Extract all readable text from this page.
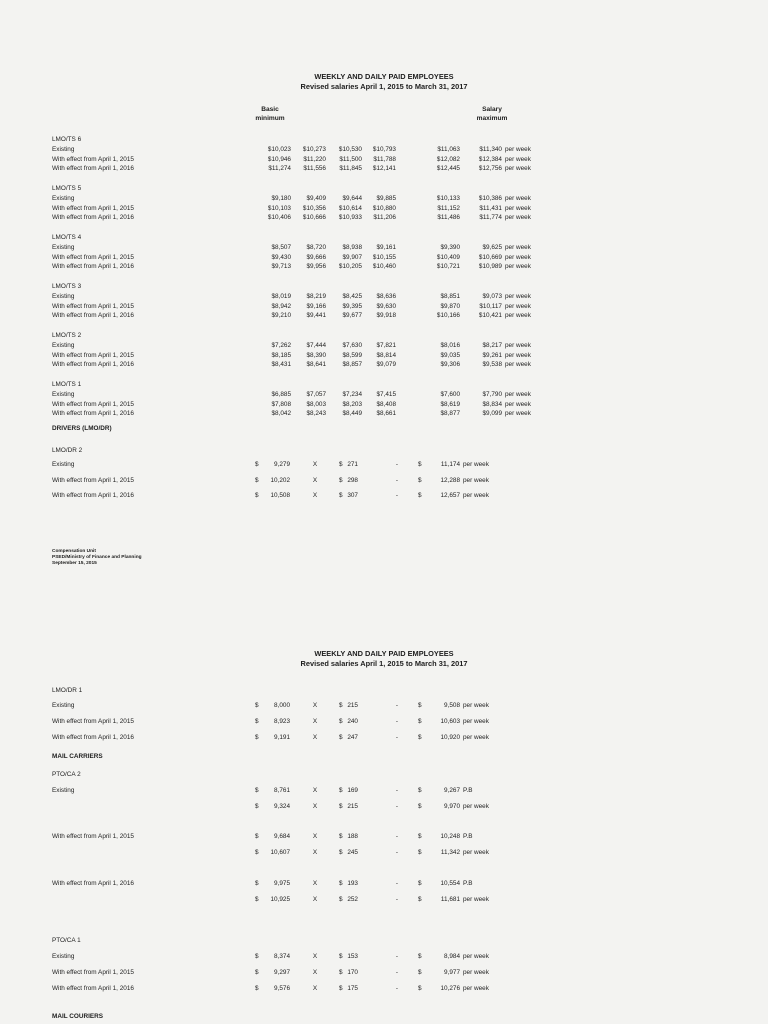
WEEKLY AND DAILY PAID EMPLOYEES
Revised salaries April 1, 2015 to March 31, 2017
Basic
minimum
Salary
maximum
LMO/TS 6
Existing	$10,023	$10,273	$10,530	$10,793	$11,063	$11,340 per week
With effect from April 1, 2015	$10,946	$11,220	$11,500	$11,788	$12,082	$12,384 per week
With effect from April 1, 2016	$11,274	$11,556	$11,845	$12,141	$12,445	$12,756 per week
LMO/TS 5
Existing	$9,180	$9,409	$9,644	$9,885	$10,133	$10,386 per week
With effect from April 1, 2015	$10,103	$10,356	$10,614	$10,880	$11,152	$11,431 per week
With effect from April 1, 2016	$10,406	$10,666	$10,933	$11,206	$11,486	$11,774 per week
LMO/TS 4
Existing	$8,507	$8,720	$8,938	$9,161	$9,390	$9,625 per week
With effect from April 1, 2015	$9,430	$9,666	$9,907	$10,155	$10,409	$10,669 per week
With effect from April 1, 2016	$9,713	$9,956	$10,205	$10,460	$10,721	$10,989 per week
LMO/TS 3
Existing	$8,019	$8,219	$8,425	$8,636	$8,851	$9,073 per week
With effect from April 1, 2015	$8,942	$9,166	$9,395	$9,630	$9,870	$10,117 per week
With effect from April 1, 2016	$9,210	$9,441	$9,677	$9,918	$10,166	$10,421 per week
LMO/TS 2
Existing	$7,262	$7,444	$7,630	$7,821	$8,016	$8,217 per week
With effect from April 1, 2015	$8,185	$8,390	$8,599	$8,814	$9,035	$9,261 per week
With effect from April 1, 2016	$8,431	$8,641	$8,857	$9,079	$9,306	$9,538 per week
LMO/TS 1
Existing	$6,885	$7,057	$7,234	$7,415	$7,600	$7,790 per week
With effect from April 1, 2015	$7,808	$8,003	$8,203	$8,408	$8,619	$8,834 per week
With effect from April 1, 2016	$8,042	$8,243	$8,449	$8,661	$8,877	$9,099 per week
DRIVERS (LMO/DR)
LMO/DR 2
Existing	$	9,279	X	$ 271	-	$	11,174 per week
With effect from April 1, 2015	$	10,202	X	$ 298	-	$	12,288 per week
With effect from April 1, 2016	$	10,508	X	$ 307	-	$	12,657 per week
Compensation Unit
PSED/Ministry of Finance and Planning
September 15, 2015
WEEKLY AND DAILY PAID EMPLOYEES
Revised salaries April 1, 2015 to March 31, 2017
LMO/DR 1
Existing	$	8,000	X	$ 215	-	$	9,508 per week
With effect from April 1, 2015	$	8,923	X	$ 240	-	$	10,603 per week
With effect from April 1, 2016	$	9,191	X	$ 247	-	$	10,920 per week
MAIL CARRIERS
PTO/CA 2
Existing	$	8,761	X	$ 169	-	$	9,267 P.B
$	9,324	X	$ 215	-	$	9,970 per week
With effect from April 1, 2015	$	9,684	X	$ 188	-	$	10,248 P.B
$	10,607	X	$ 245	-	$	11,342 per week
With effect from April 1, 2016	$	9,975	X	$ 193	-	$	10,554 P.B
$	10,925	X	$ 252	-	$	11,681 per week
PTO/CA 1
Existing	$	8,374	X	$ 153	-	$	8,984 per week
With effect from April 1, 2015	$	9,297	X	$ 170	-	$	9,977 per week
With effect from April 1, 2016	$	9,576	X	$ 175	-	$	10,276 per week
MAIL COURIERS
